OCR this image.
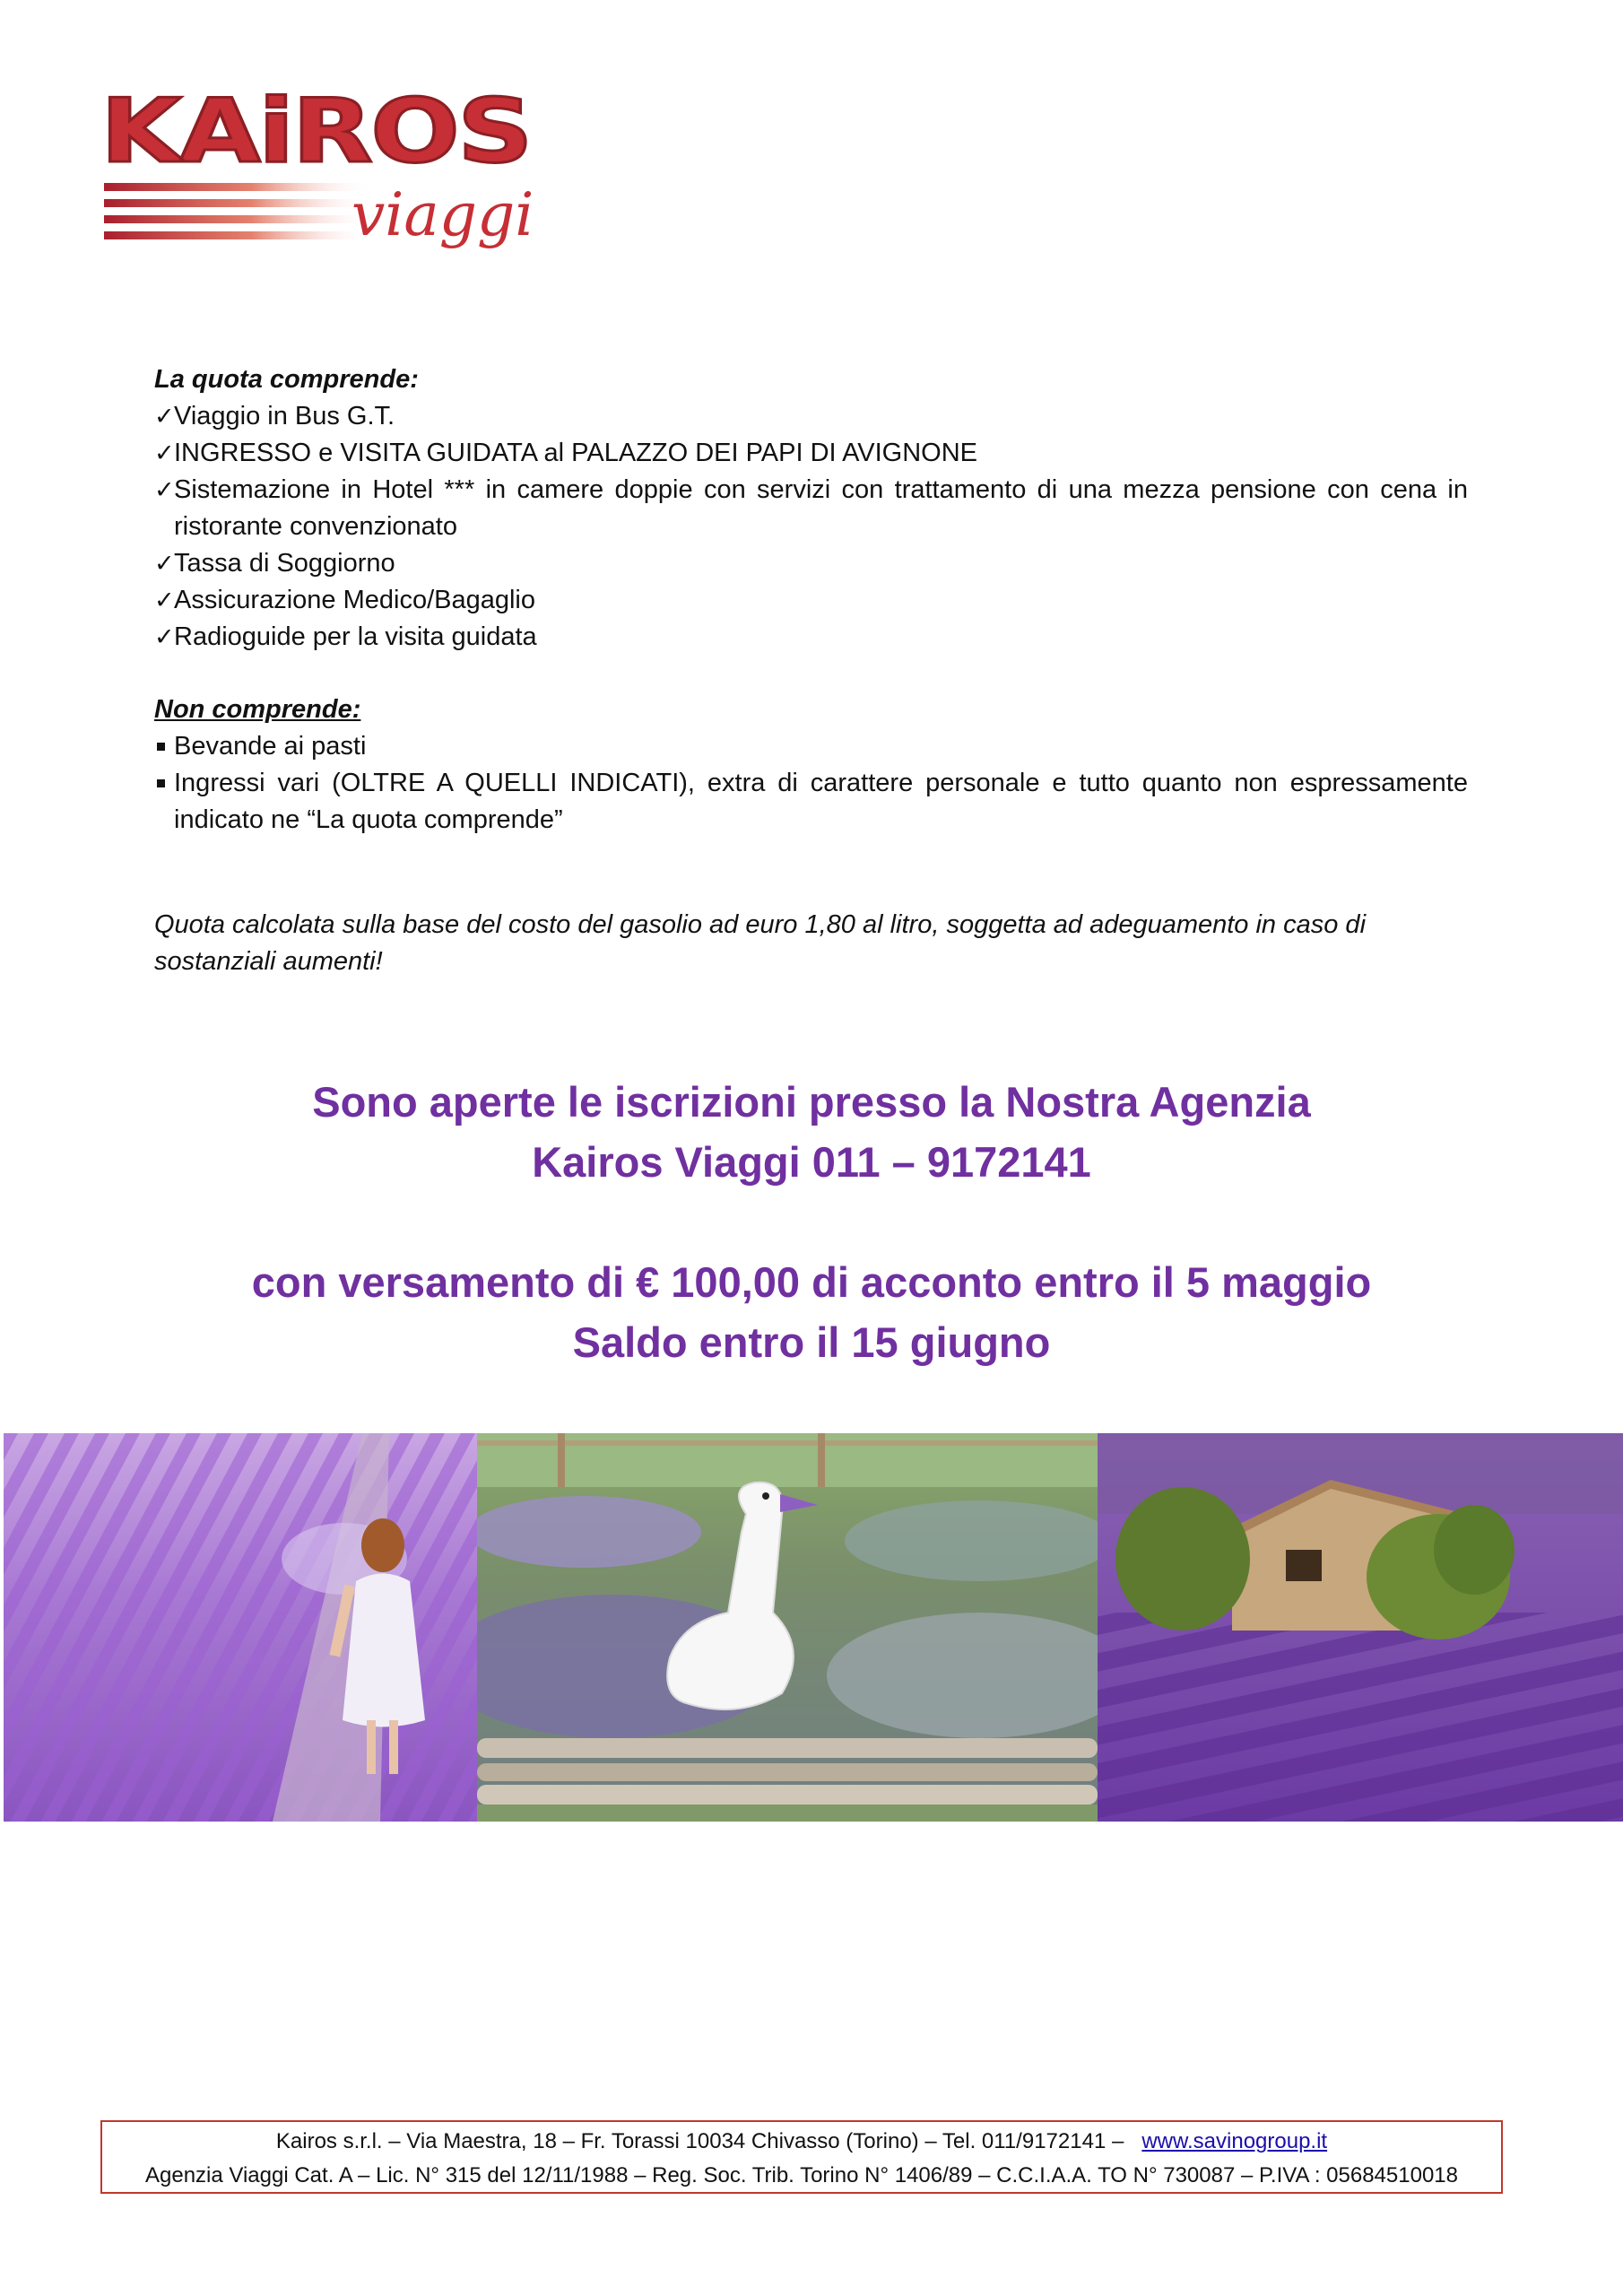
KAiROS
viaggi

La quota comprende:

✓ Viaggio in Bus G.T.
✓ INGRESSO e VISITA GUIDATA al PALAZZO DEI PAPI DI AVIGNONE
✓ Sistemazione in Hotel *** in camere doppie con servizi con trattamento di una mezza pensione con cena in ristorante convenzionato
✓ Tassa di Soggiorno
✓ Assicurazione Medico/Bagaglio
✓ Radioguide per la visita guidata

Non comprende:

Bevande ai pasti
Ingressi vari (OLTRE A QUELLI INDICATI), extra di carattere personale e tutto quanto non espressamente indicato ne “La quota comprende”
Quota calcolata sulla base del costo del gasolio ad euro 1,80 al litro, soggetta ad adeguamento in caso di sostanziali aumenti!
Sono aperte le iscrizioni presso la Nostra Agenzia
Kairos Viaggi 011 – 9172141
con versamento di € 100,00 di acconto entro il 5 maggio
Saldo entro il 15 giugno
Kairos s.r.l. – Via Maestra, 18 – Fr. Torassi 10034 Chivasso (Torino) – Tel. 011/9172141 – www.savinogroup.it
Agenzia Viaggi Cat. A – Lic. N° 315 del 12/11/1988 – Reg. Soc. Trib. Torino N° 1406/89 – C.C.I.A.A. TO N° 730087 – P.IVA : 05684510018
